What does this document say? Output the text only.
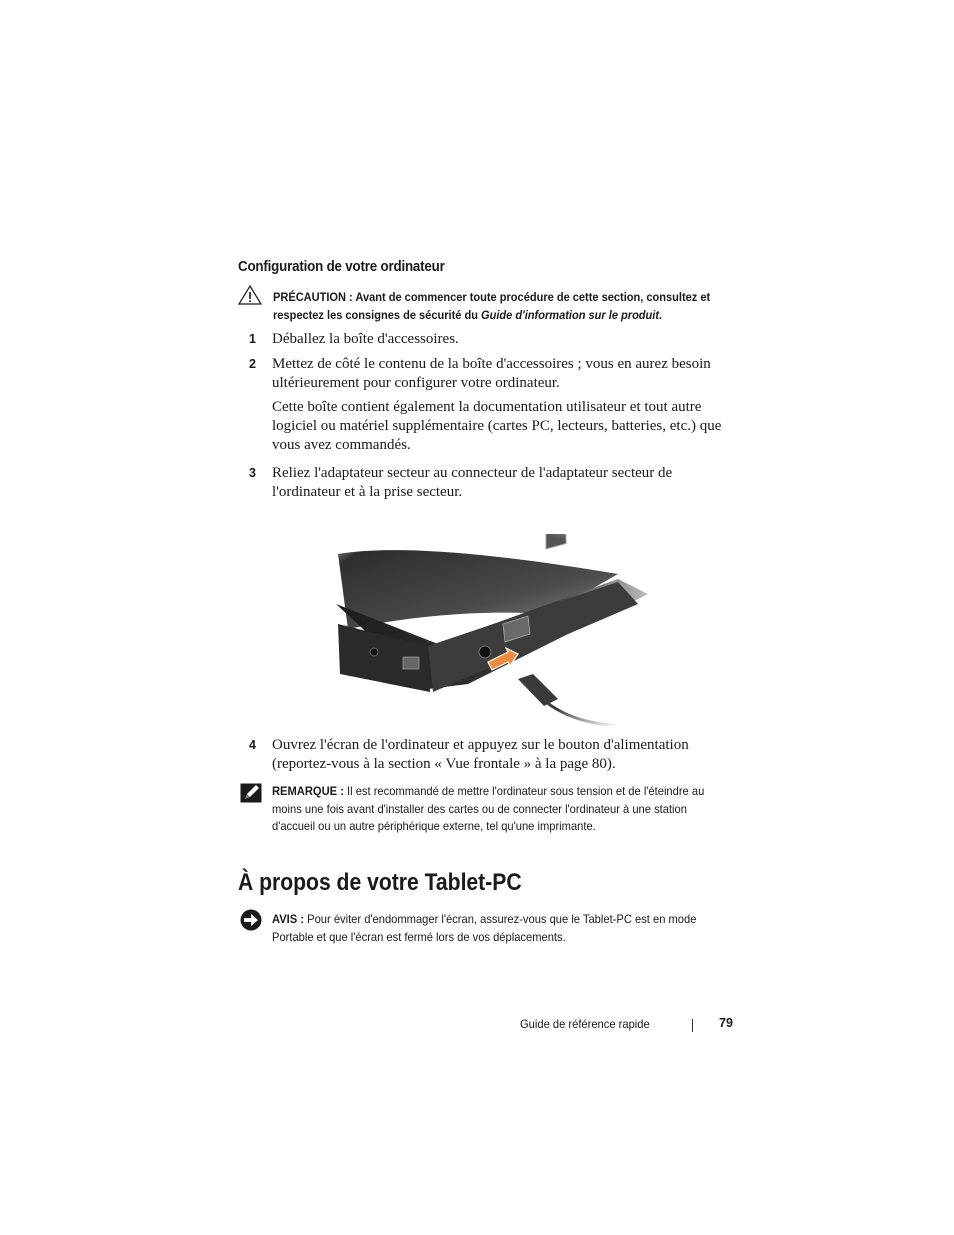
Configuration de votre ordinateur
PRÉCAUTION : Avant de commencer toute procédure de cette section, consultez et respectez les consignes de sécurité du Guide d'information sur le produit.
1 Déballez la boîte d'accessoires.
2 Mettez de côté le contenu de la boîte d'accessoires ; vous en aurez besoin ultérieurement pour configurer votre ordinateur.
Cette boîte contient également la documentation utilisateur et tout autre logiciel ou matériel supplémentaire (cartes PC, lecteurs, batteries, etc.) que vous avez commandés.
3 Reliez l'adaptateur secteur au connecteur de l'adaptateur secteur de l'ordinateur et à la prise secteur.
4 Ouvrez l'écran de l'ordinateur et appuyez sur le bouton d'alimentation (reportez-vous à la section « Vue frontale » à la page 80).
REMARQUE : Il est recommandé de mettre l'ordinateur sous tension et de l'éteindre au moins une fois avant d'installer des cartes ou de connecter l'ordinateur à une station d'accueil ou un autre périphérique externe, tel qu'une imprimante.
À propos de votre Tablet-PC
AVIS : Pour éviter d'endommager l'écran, assurez-vous que le Tablet-PC est en mode Portable et que l'écran est fermé lors de vos déplacements.
Guide de référence rapide	79
